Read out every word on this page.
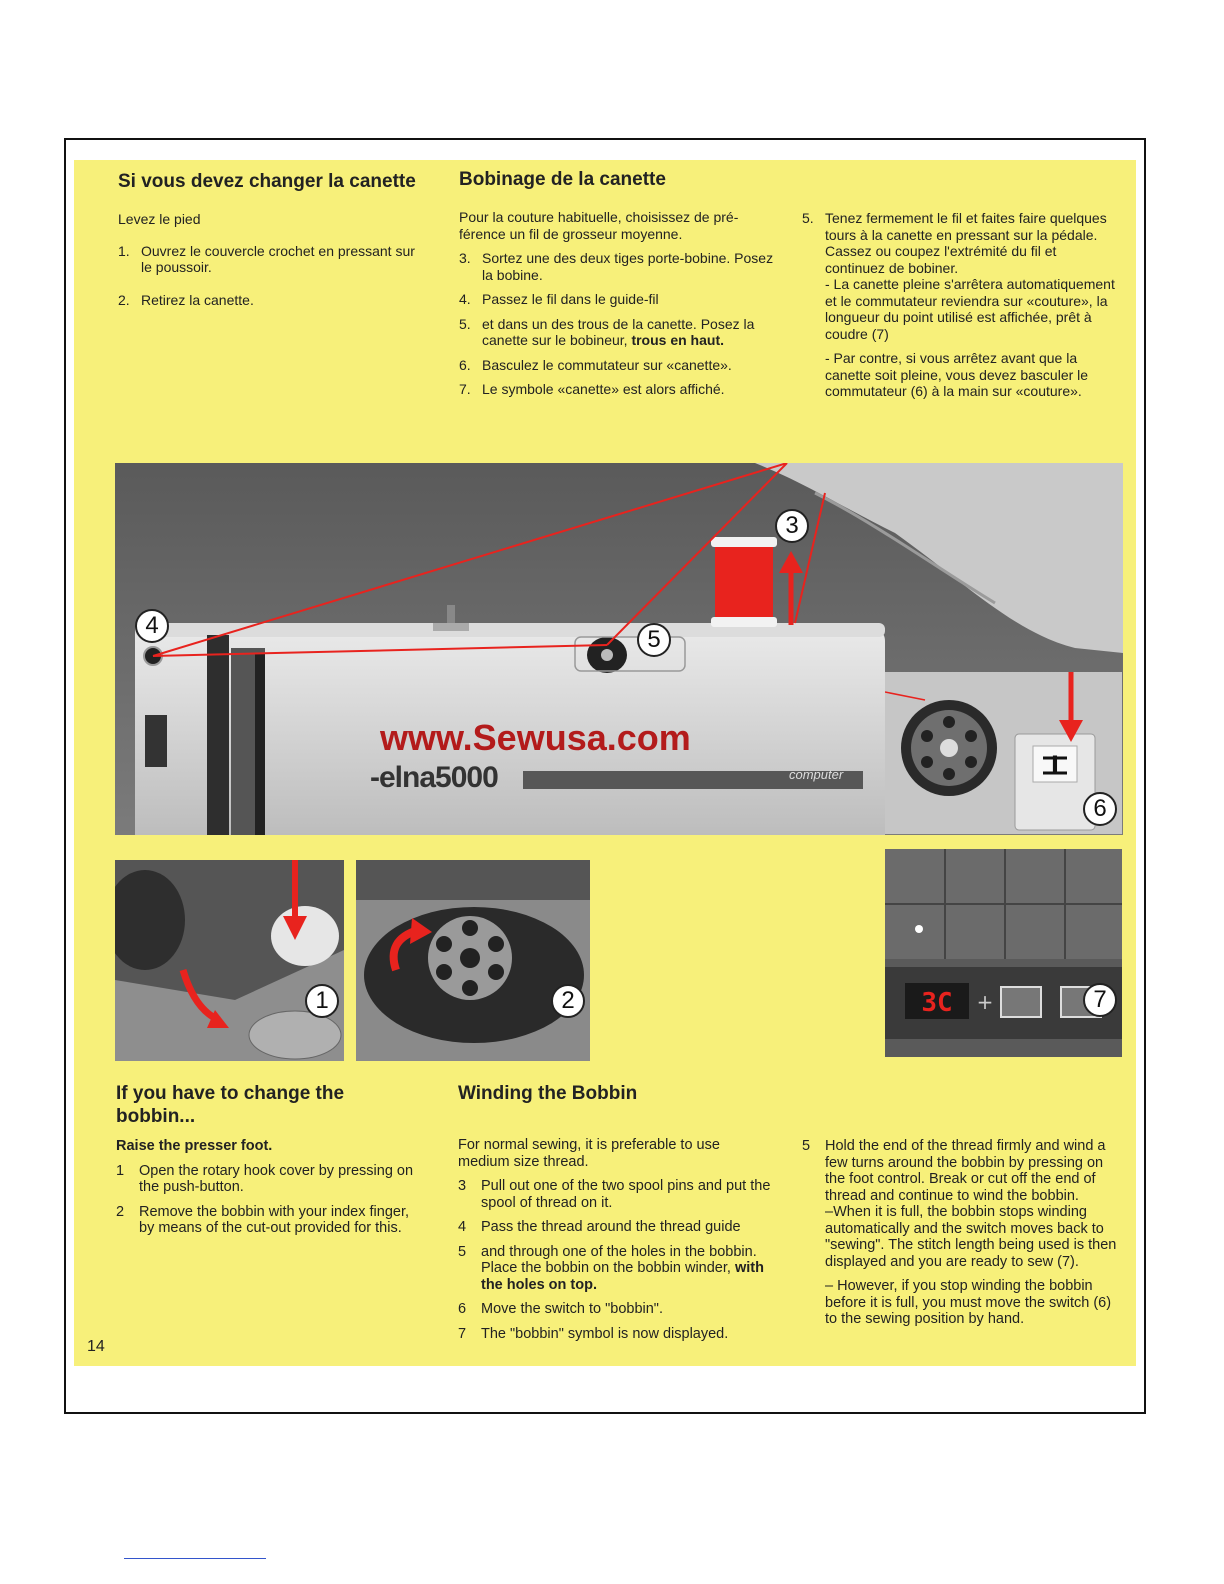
Si vous devez changer la canette

Levez le pied

1. Ouvrez le couvercle crochet en pressant sur le poussoir.
2. Retirez la canette.
Bobinage de la canette

Pour la couture habituelle, choisissez de pré-férence un fil de grosseur moyenne.

3. Sortez une des deux tiges porte-bobine. Posez la bobine.
4. Passez le fil dans le guide-fil
5. et dans un des trous de la canette. Posez la canette sur le bobineur, trous en haut.
6. Basculez le commutateur sur «canette».
7. Le symbole «canette» est alors affiché.
5. Tenez fermement le fil et faites faire quelques tours à la canette en pressant sur la pédale. Cassez ou coupez l'extrémité du fil et continuez de bobiner.

- La canette pleine s'arrêtera automatiquement et le commutateur reviendra sur «couture», la longueur du point utilisé est affichée, prêt à coudre (7)

- Par contre, si vous arrêtez avant que la canette soit pleine, vous devez basculer le commutateur (6) à la main sur «couture».

www.Sewusa.com
-elna5000	computer
4
5
3
I
6
3C +	7
1	2
If you have to change the bobbin...

Raise the presser foot.

1 Open the rotary hook cover by pressing on the push-button.
2 Remove the bobbin with your index finger, by means of the cut-out provided for this.
Winding the Bobbin

For normal sewing, it is preferable to use medium size thread.

3 Pull out one of the two spool pins and put the spool of thread on it.
4 Pass the thread around the thread guide
5 and through one of the holes in the bobbin. Place the bobbin on the bobbin winder, with the holes on top.
6 Move the switch to "bobbin".
7 The "bobbin" symbol is now displayed.
5 Hold the end of the thread firmly and wind a few turns around the bobbin by pressing on the foot control. Break or cut off the end of thread and continue to wind the bobbin.

–When it is full, the bobbin stops winding automatically and the switch moves back to "sewing". The stitch length being used is then displayed and you are ready to sew (7).

– However, if you stop winding the bobbin before it is full, you must move the switch (6) to the sewing position by hand.

14
